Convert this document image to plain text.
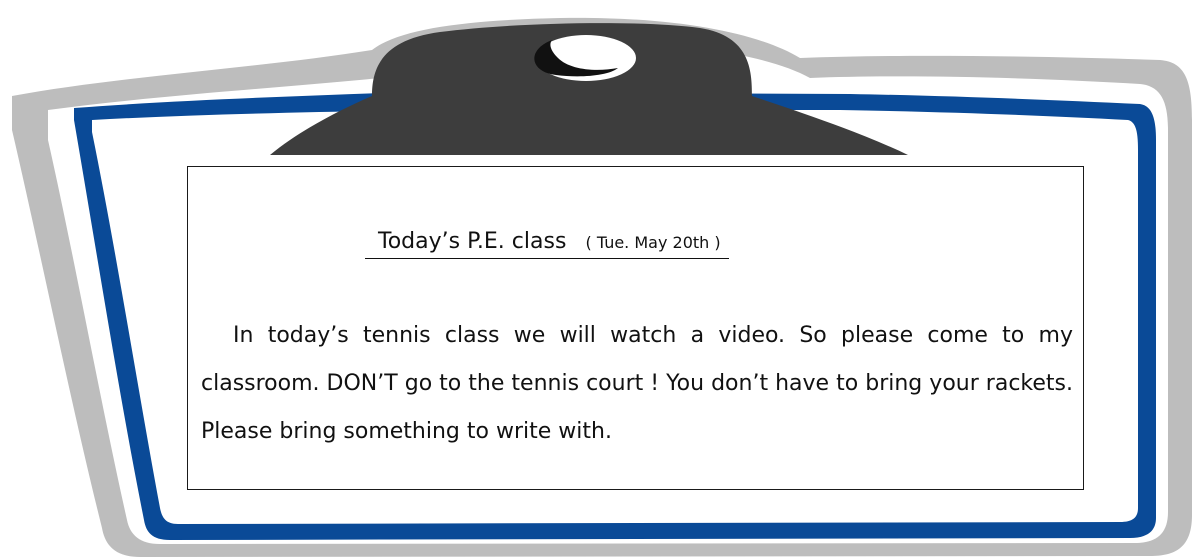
Today’s P.E. class ( Tue. May 20th )

In today’s tennis class we will watch a video. So please come to my classroom. DON’T go to the tennis court ! You don’t have to bring your rackets. Please bring something to write with.
